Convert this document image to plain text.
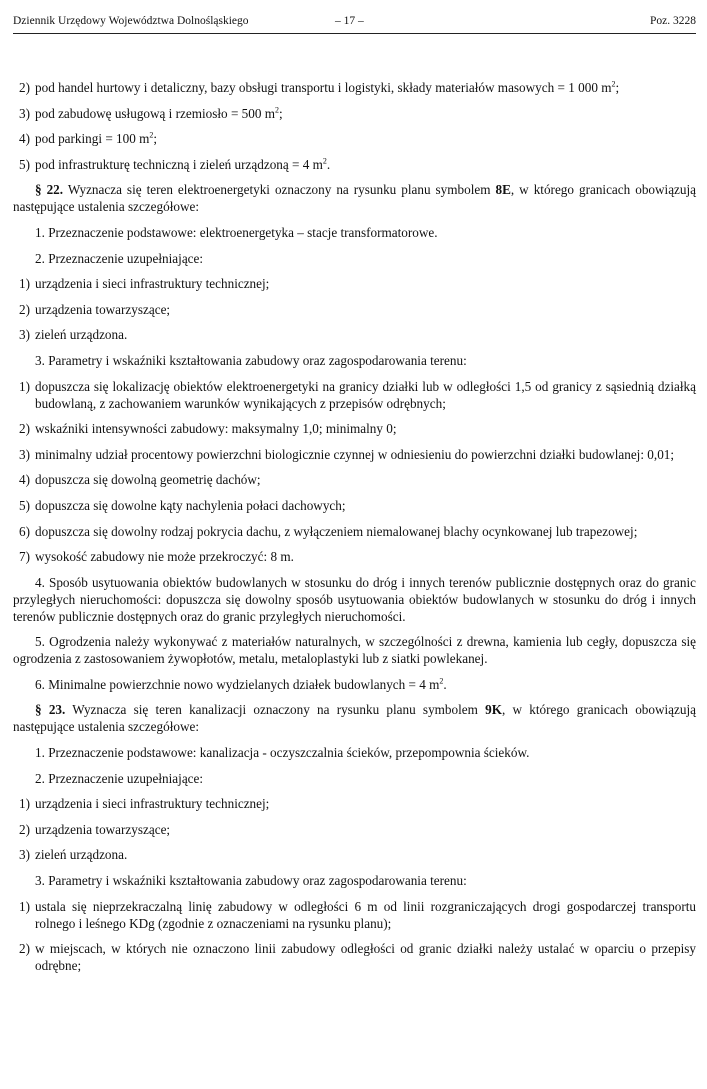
Dziennik Urzędowy Województwa Dolnośląskiego	– 17 –	Poz. 3228
2) pod handel hurtowy i detaliczny, bazy obsługi transportu i logistyki, składy materiałów masowych = 1 000 $m^2$;
3) pod zabudowę usługową i rzemiosło = 500 $m^2$;
4) pod parkingi = 100 $m^2$;
5) pod infrastrukturę techniczną i zieleń urządzoną = 4 $m^2$.

§ 22. Wyznacza się teren elektroenergetyki oznaczony na rysunku planu symbolem 8E, w którego granicach obowiązują następujące ustalenia szczegółowe:

1. Przeznaczenie podstawowe: elektroenergetyka – stacje transformatorowe.

2. Przeznaczenie uzupełniające:

1) urządzenia i sieci infrastruktury technicznej;
2) urządzenia towarzyszące;
3) zieleń urządzona.

3. Parametry i wskaźniki kształtowania zabudowy oraz zagospodarowania terenu:

1) dopuszcza się lokalizację obiektów elektroenergetyki na granicy działki lub w odległości 1,5 od granicy z sąsiednią działką budowlaną, z zachowaniem warunków wynikających z przepisów odrębnych;
2) wskaźniki intensywności zabudowy: maksymalny 1,0; minimalny 0;
3) minimalny udział procentowy powierzchni biologicznie czynnej w odniesieniu do powierzchni działki budowlanej: 0,01;
4) dopuszcza się dowolną geometrię dachów;
5) dopuszcza się dowolne kąty nachylenia połaci dachowych;
6) dopuszcza się dowolny rodzaj pokrycia dachu, z wyłączeniem niemalowanej blachy ocynkowanej lub trapezowej;
7) wysokość zabudowy nie może przekroczyć: 8 m.

4. Sposób usytuowania obiektów budowlanych w stosunku do dróg i innych terenów publicznie dostępnych oraz do granic przyległych nieruchomości: dopuszcza się dowolny sposób usytuowania obiektów budowlanych w stosunku do dróg i innych terenów publicznie dostępnych oraz do granic przyległych nieruchomości.

5. Ogrodzenia należy wykonywać z materiałów naturalnych, w szczególności z drewna, kamienia lub cegły, dopuszcza się ogrodzenia z zastosowaniem żywopłotów, metalu, metaloplastyki lub z siatki powlekanej.

6. Minimalne powierzchnie nowo wydzielanych działek budowlanych = 4 $m^2$.

§ 23. Wyznacza się teren kanalizacji oznaczony na rysunku planu symbolem 9K, w którego granicach obowiązują następujące ustalenia szczegółowe:

1. Przeznaczenie podstawowe: kanalizacja - oczyszczalnia ścieków, przepompownia ścieków.

2. Przeznaczenie uzupełniające:

1) urządzenia i sieci infrastruktury technicznej;
2) urządzenia towarzyszące;
3) zieleń urządzona.

3. Parametry i wskaźniki kształtowania zabudowy oraz zagospodarowania terenu:

1) ustala się nieprzekraczalną linię zabudowy w odległości 6 m od linii rozgraniczających drogi gospodarczej transportu rolnego i leśnego KDg (zgodnie z oznaczeniami na rysunku planu);
2) w miejscach, w których nie oznaczono linii zabudowy odległości od granic działki należy ustalać w oparciu o przepisy odrębne;
